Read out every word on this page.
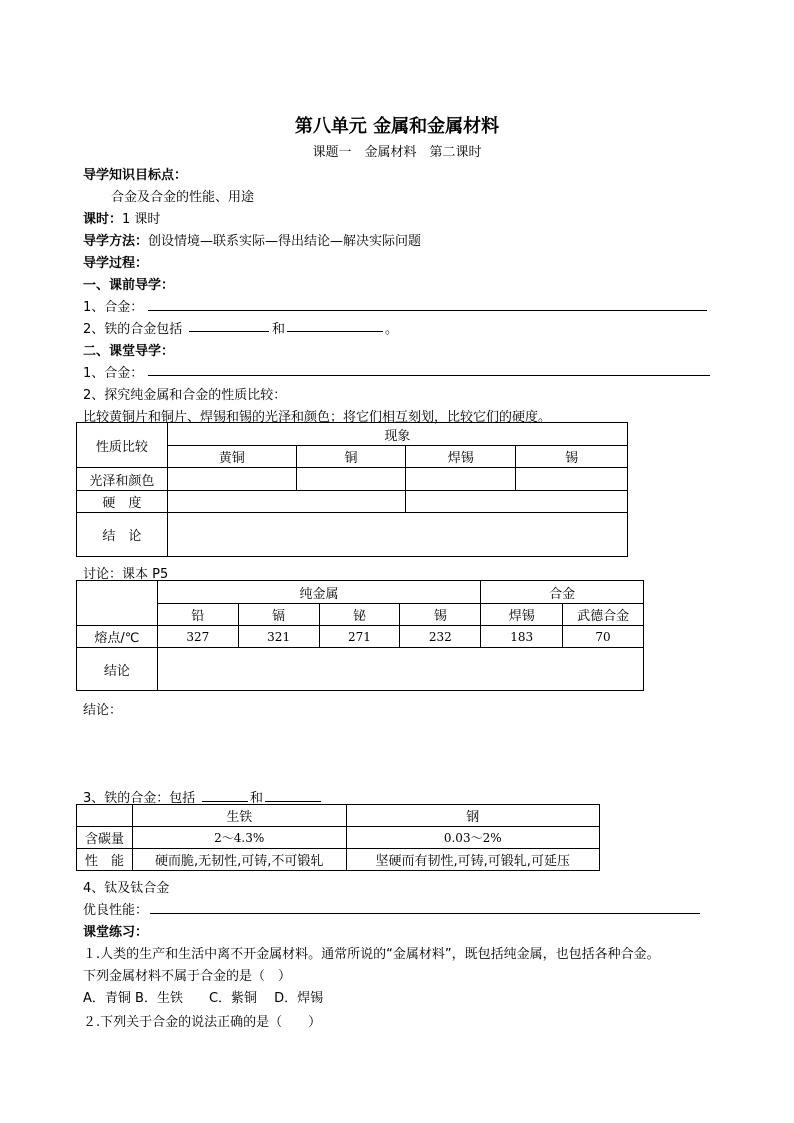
第八单元 金属和金属材料
课题一　金属材料　第二课时
导学知识目标点：
合金及合金的性能、用途
课时：1 课时
导学方法：创设情境—联系实际—得出结论—解决实际问题
导学过程：
一、课前导学：
1、合金：
2、铁的合金包括	和	。
二、课堂导学：
1、合金：
2、探究纯金属和合金的性质比较：
比较黄铜片和铜片、焊锡和锡的光泽和颜色；将它们相互刻划，比较它们的硬度。
性质比较	现象			
	黄铜	铜	焊锡	锡
光泽和颜色				
硬　度				
结　论				
讨论：课本 P5
	纯金属				合金	
	铅	镉	铋	锡	焊锡	武德合金
熔点/℃	327	321	271	232	183	70
结论						
结论：
3、铁的合金：包括	和
	生铁	钢
含碳量	2～4.3%	0.03～2%
性　能	硬而脆,无韧性,可铸,不可锻轧	坚硬而有韧性,可铸,可锻轧,可延压
4、钛及钛合金
优良性能：
课堂练习：
１.人类的生产和生活中离不开金属材料。通常所说的“金属材料”，既包括纯金属，也包括各种合金。
下列金属材料不属于合金的是（　）
A．青铜 B．生铁　　C．紫铜　 D．焊锡
２.下列关于合金的说法正确的是（　　）
